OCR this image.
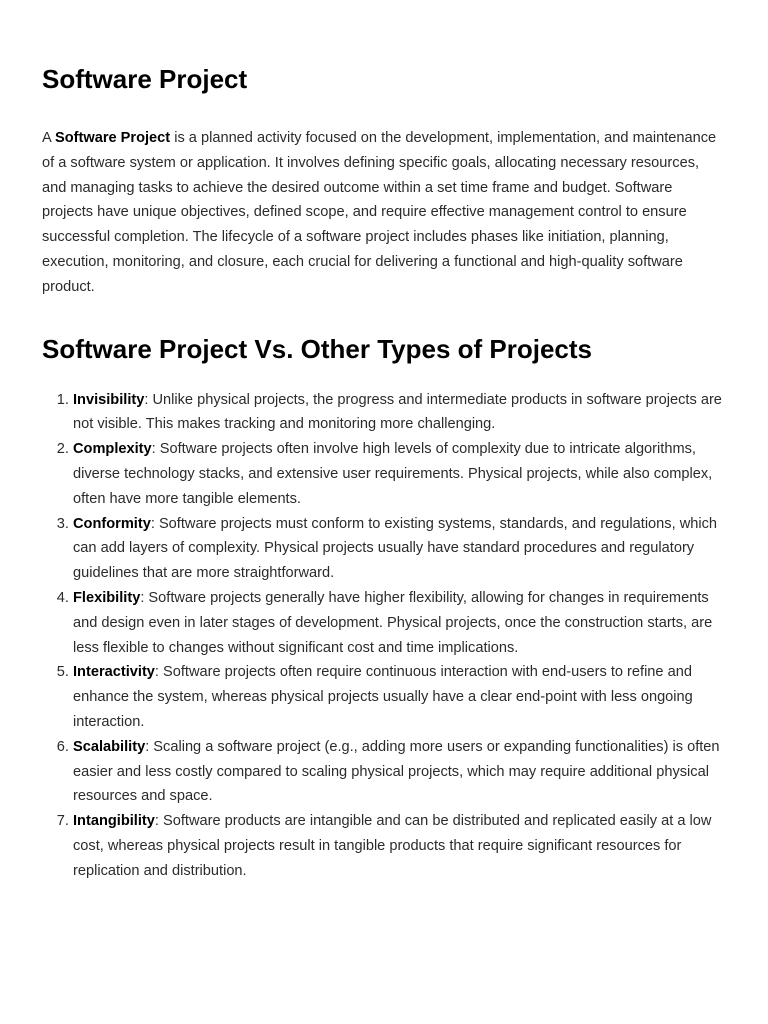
Software Project

A Software Project is a planned activity focused on the development, implementation, and maintenance of a software system or application. It involves defining specific goals, allocating necessary resources, and managing tasks to achieve the desired outcome within a set time frame and budget. Software projects have unique objectives, defined scope, and require effective management control to ensure successful completion. The lifecycle of a software project includes phases like initiation, planning, execution, monitoring, and closure, each crucial for delivering a functional and high-quality software product.

Software Project Vs. Other Types of Projects
1. Invisibility: Unlike physical projects, the progress and intermediate products in software projects are not visible. This makes tracking and monitoring more challenging.
2. Complexity: Software projects often involve high levels of complexity due to intricate algorithms, diverse technology stacks, and extensive user requirements. Physical projects, while also complex, often have more tangible elements.
3. Conformity: Software projects must conform to existing systems, standards, and regulations, which can add layers of complexity. Physical projects usually have standard procedures and regulatory guidelines that are more straightforward.
4. Flexibility: Software projects generally have higher flexibility, allowing for changes in requirements and design even in later stages of development. Physical projects, once the construction starts, are less flexible to changes without significant cost and time implications.
5. Interactivity: Software projects often require continuous interaction with end-users to refine and enhance the system, whereas physical projects usually have a clear end-point with less ongoing interaction.
6. Scalability: Scaling a software project (e.g., adding more users or expanding functionalities) is often easier and less costly compared to scaling physical projects, which may require additional physical resources and space.
7. Intangibility: Software products are intangible and can be distributed and replicated easily at a low cost, whereas physical projects result in tangible products that require significant resources for replication and distribution.
